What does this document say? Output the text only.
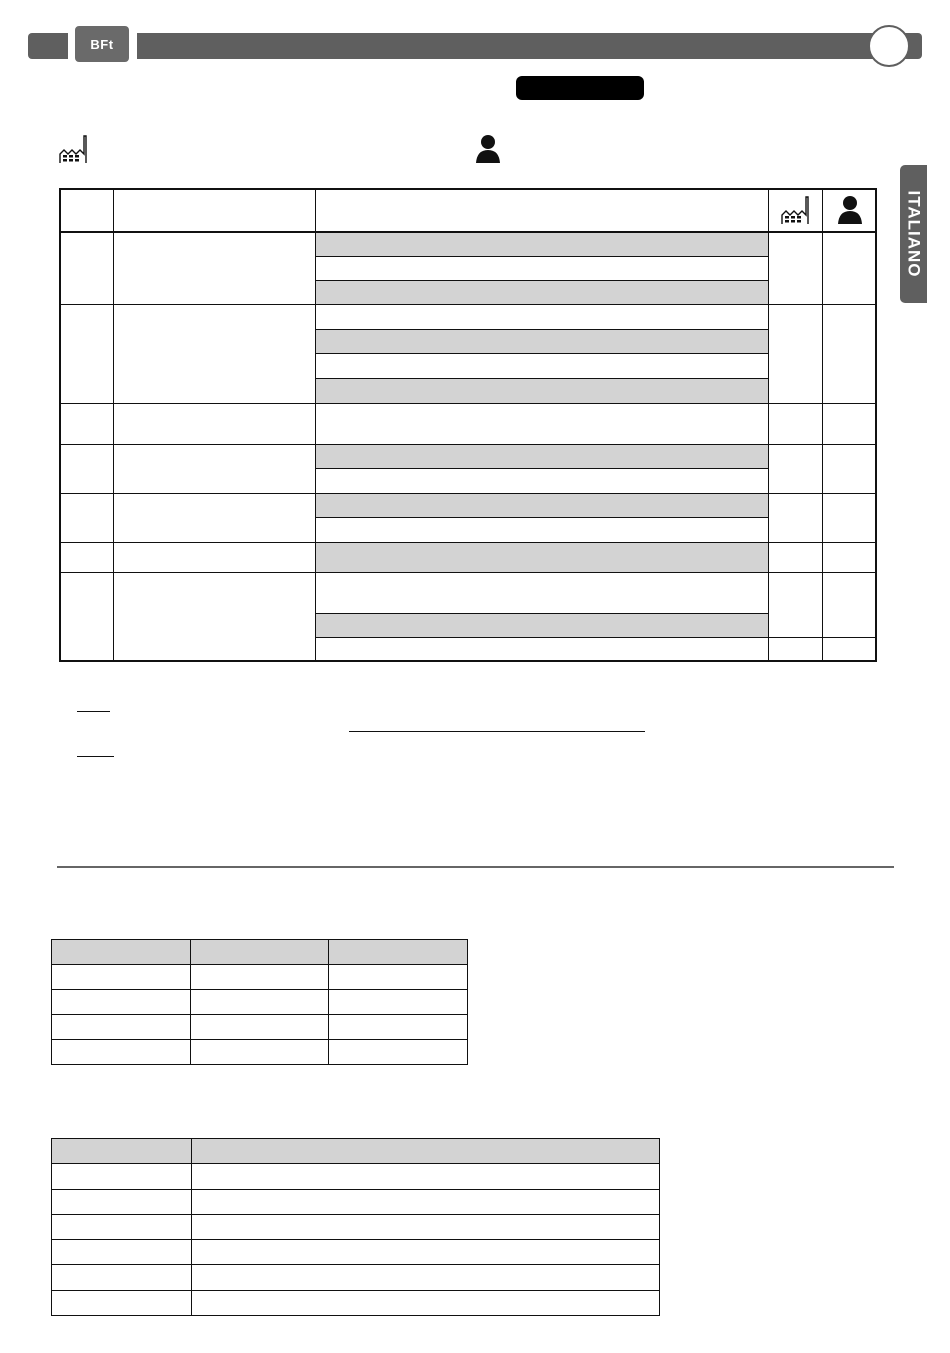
BFt
ITALIANO
